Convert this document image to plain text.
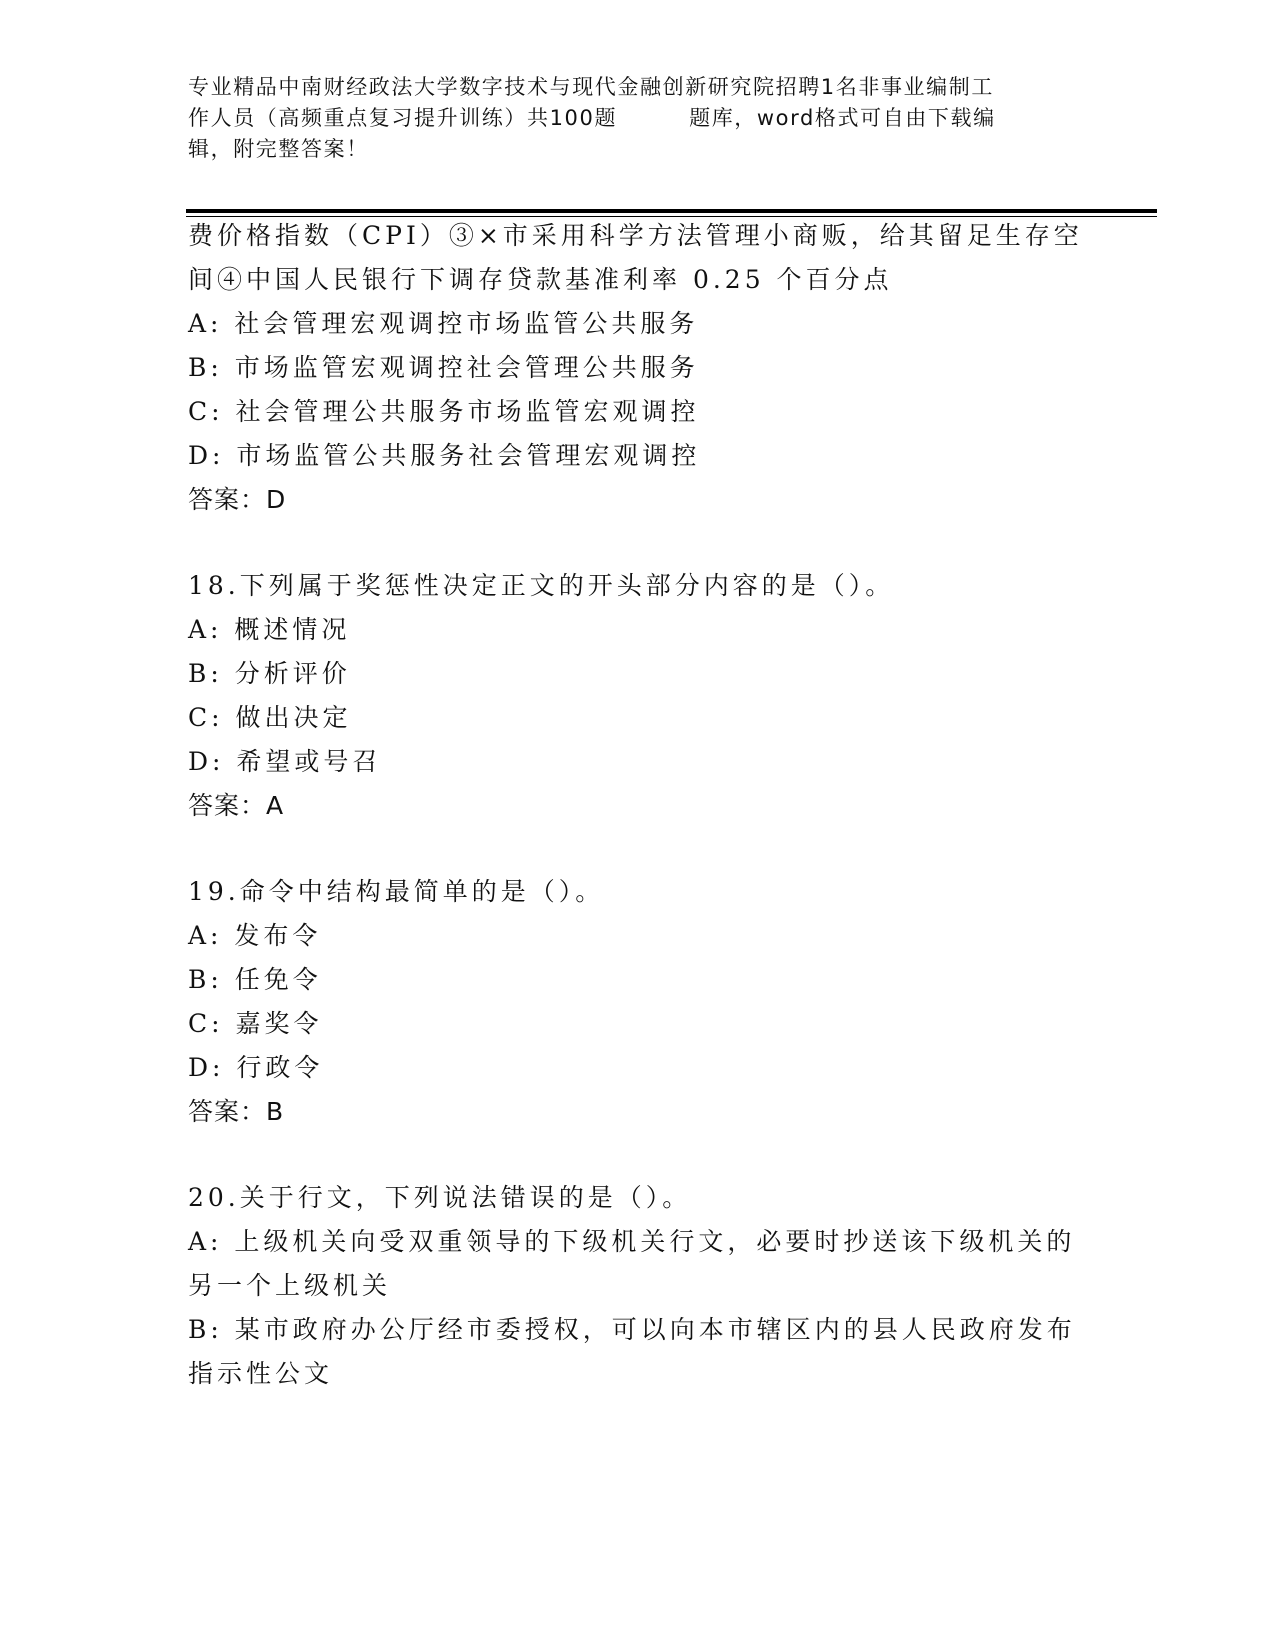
专业精品中南财经政法大学数字技术与现代金融创新研究院招聘1名非事业编制工
作人员（高频重点复习提升训练）共100题	题库，word格式可自由下载编
辑，附完整答案！
费价格指数（CPI）③×市采用科学方法管理小商贩，给其留足生存空
间④中国人民银行下调存贷款基准利率 0.25 个百分点
A: 社会管理宏观调控市场监管公共服务
B: 市场监管宏观调控社会管理公共服务
C: 社会管理公共服务市场监管宏观调控
D: 市场监管公共服务社会管理宏观调控
答案：D
18.下列属于奖惩性决定正文的开头部分内容的是（）。
A: 概述情况
B: 分析评价
C: 做出决定
D: 希望或号召
答案：A
19.命令中结构最简单的是（）。
A: 发布令
B: 任免令
C: 嘉奖令
D: 行政令
答案：B
20.关于行文，下列说法错误的是（）。
A: 上级机关向受双重领导的下级机关行文，必要时抄送该下级机关的
另一个上级机关
B: 某市政府办公厅经市委授权，可以向本市辖区内的县人民政府发布
指示性公文
